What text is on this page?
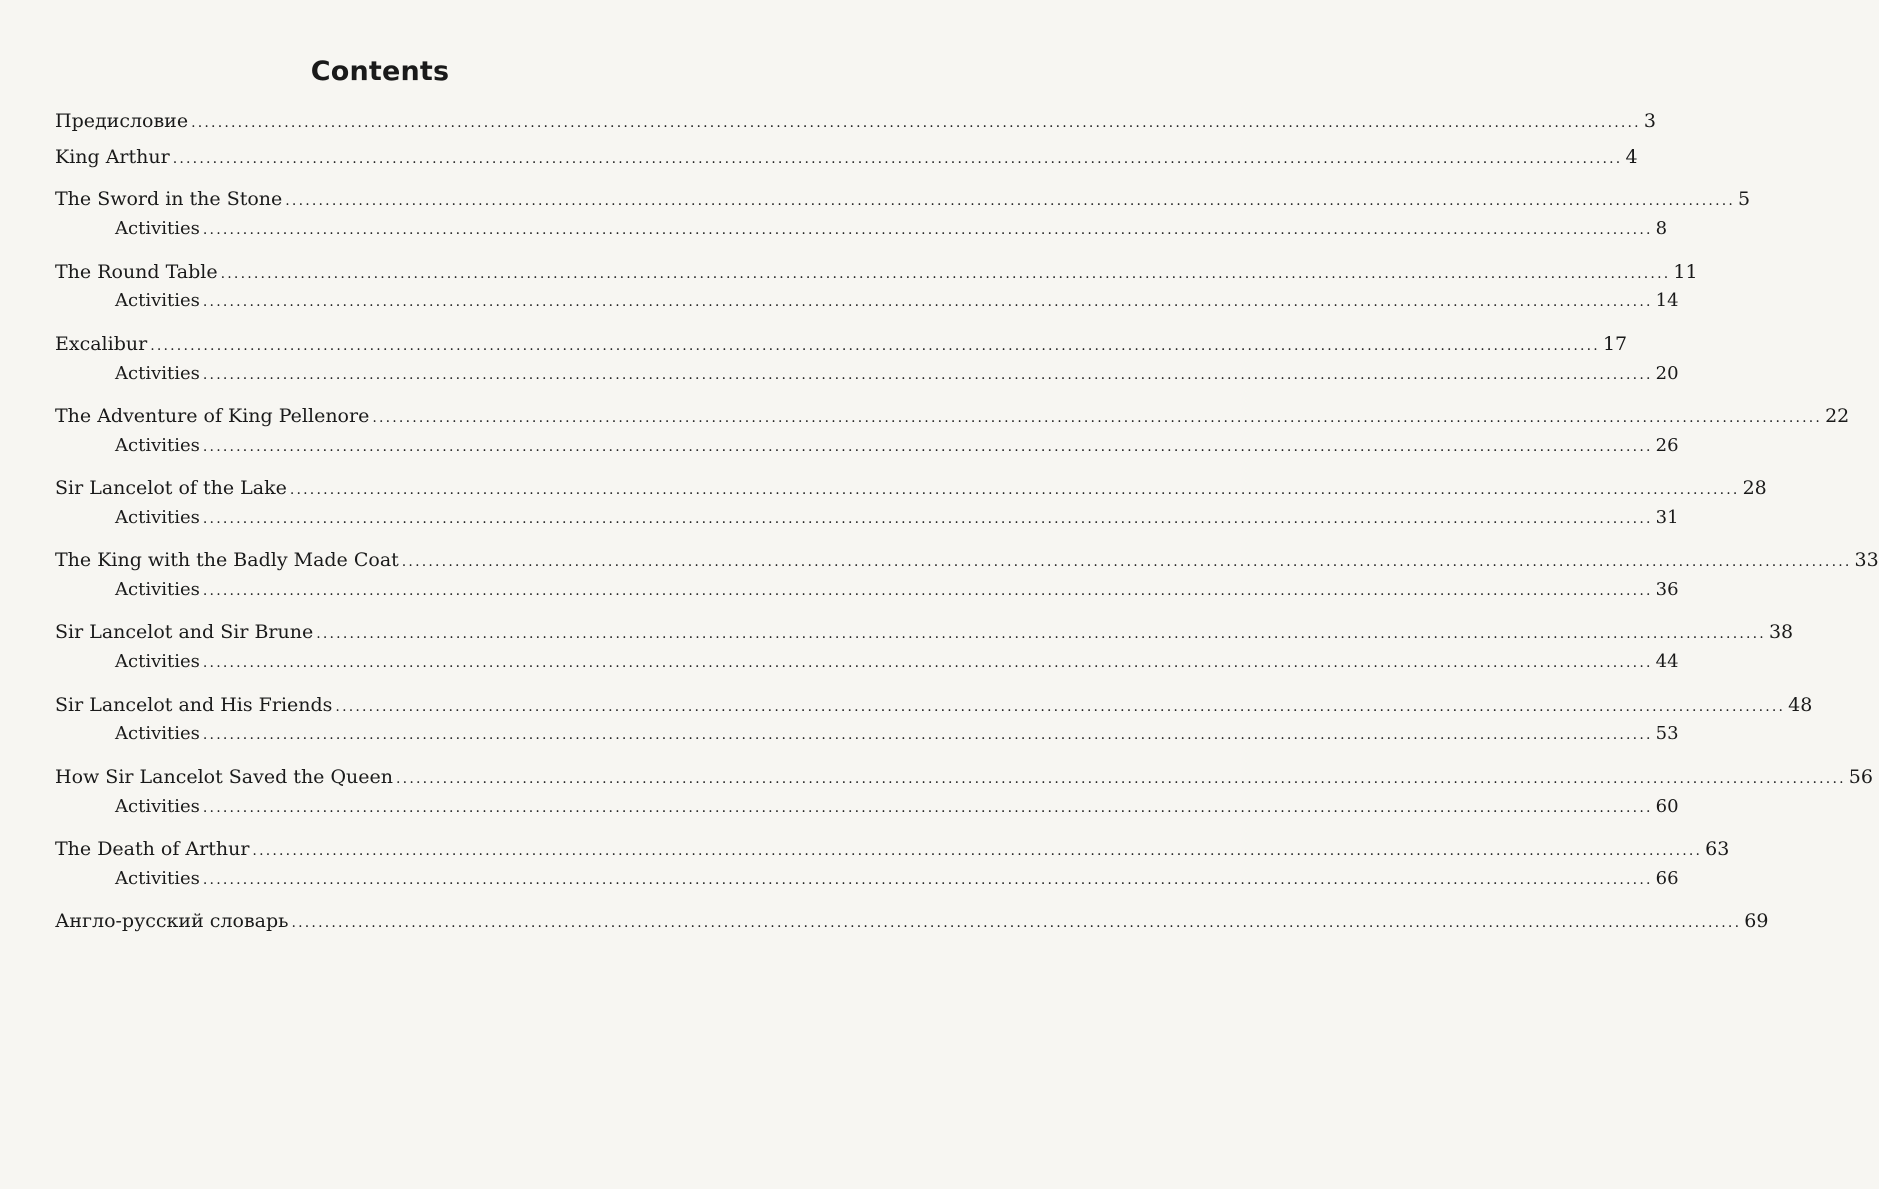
Contents
Предисловие .......................................................................................................................................................................................................................... 3
King Arthur .......................................................................................................................................................................................................................... 4
The Sword in the Stone .......................................................................................................................................................................................................................... 5
Activities .......................................................................................................................................................................................................................... 8
The Round Table .......................................................................................................................................................................................................................... 11
Activities .......................................................................................................................................................................................................................... 14
Excalibur .......................................................................................................................................................................................................................... 17
Activities .......................................................................................................................................................................................................................... 20
The Adventure of King Pellenore .......................................................................................................................................................................................................................... 22
Activities .......................................................................................................................................................................................................................... 26
Sir Lancelot of the Lake .......................................................................................................................................................................................................................... 28
Activities .......................................................................................................................................................................................................................... 31
The King with the Badly Made Coat .......................................................................................................................................................................................................................... 33
Activities .......................................................................................................................................................................................................................... 36
Sir Lancelot and Sir Brune .......................................................................................................................................................................................................................... 38
Activities .......................................................................................................................................................................................................................... 44
Sir Lancelot and His Friends .......................................................................................................................................................................................................................... 48
Activities .......................................................................................................................................................................................................................... 53
How Sir Lancelot Saved the Queen .......................................................................................................................................................................................................................... 56
Activities .......................................................................................................................................................................................................................... 60
The Death of Arthur .......................................................................................................................................................................................................................... 63
Activities .......................................................................................................................................................................................................................... 66
Англо-русский словарь .......................................................................................................................................................................................................................... 69
